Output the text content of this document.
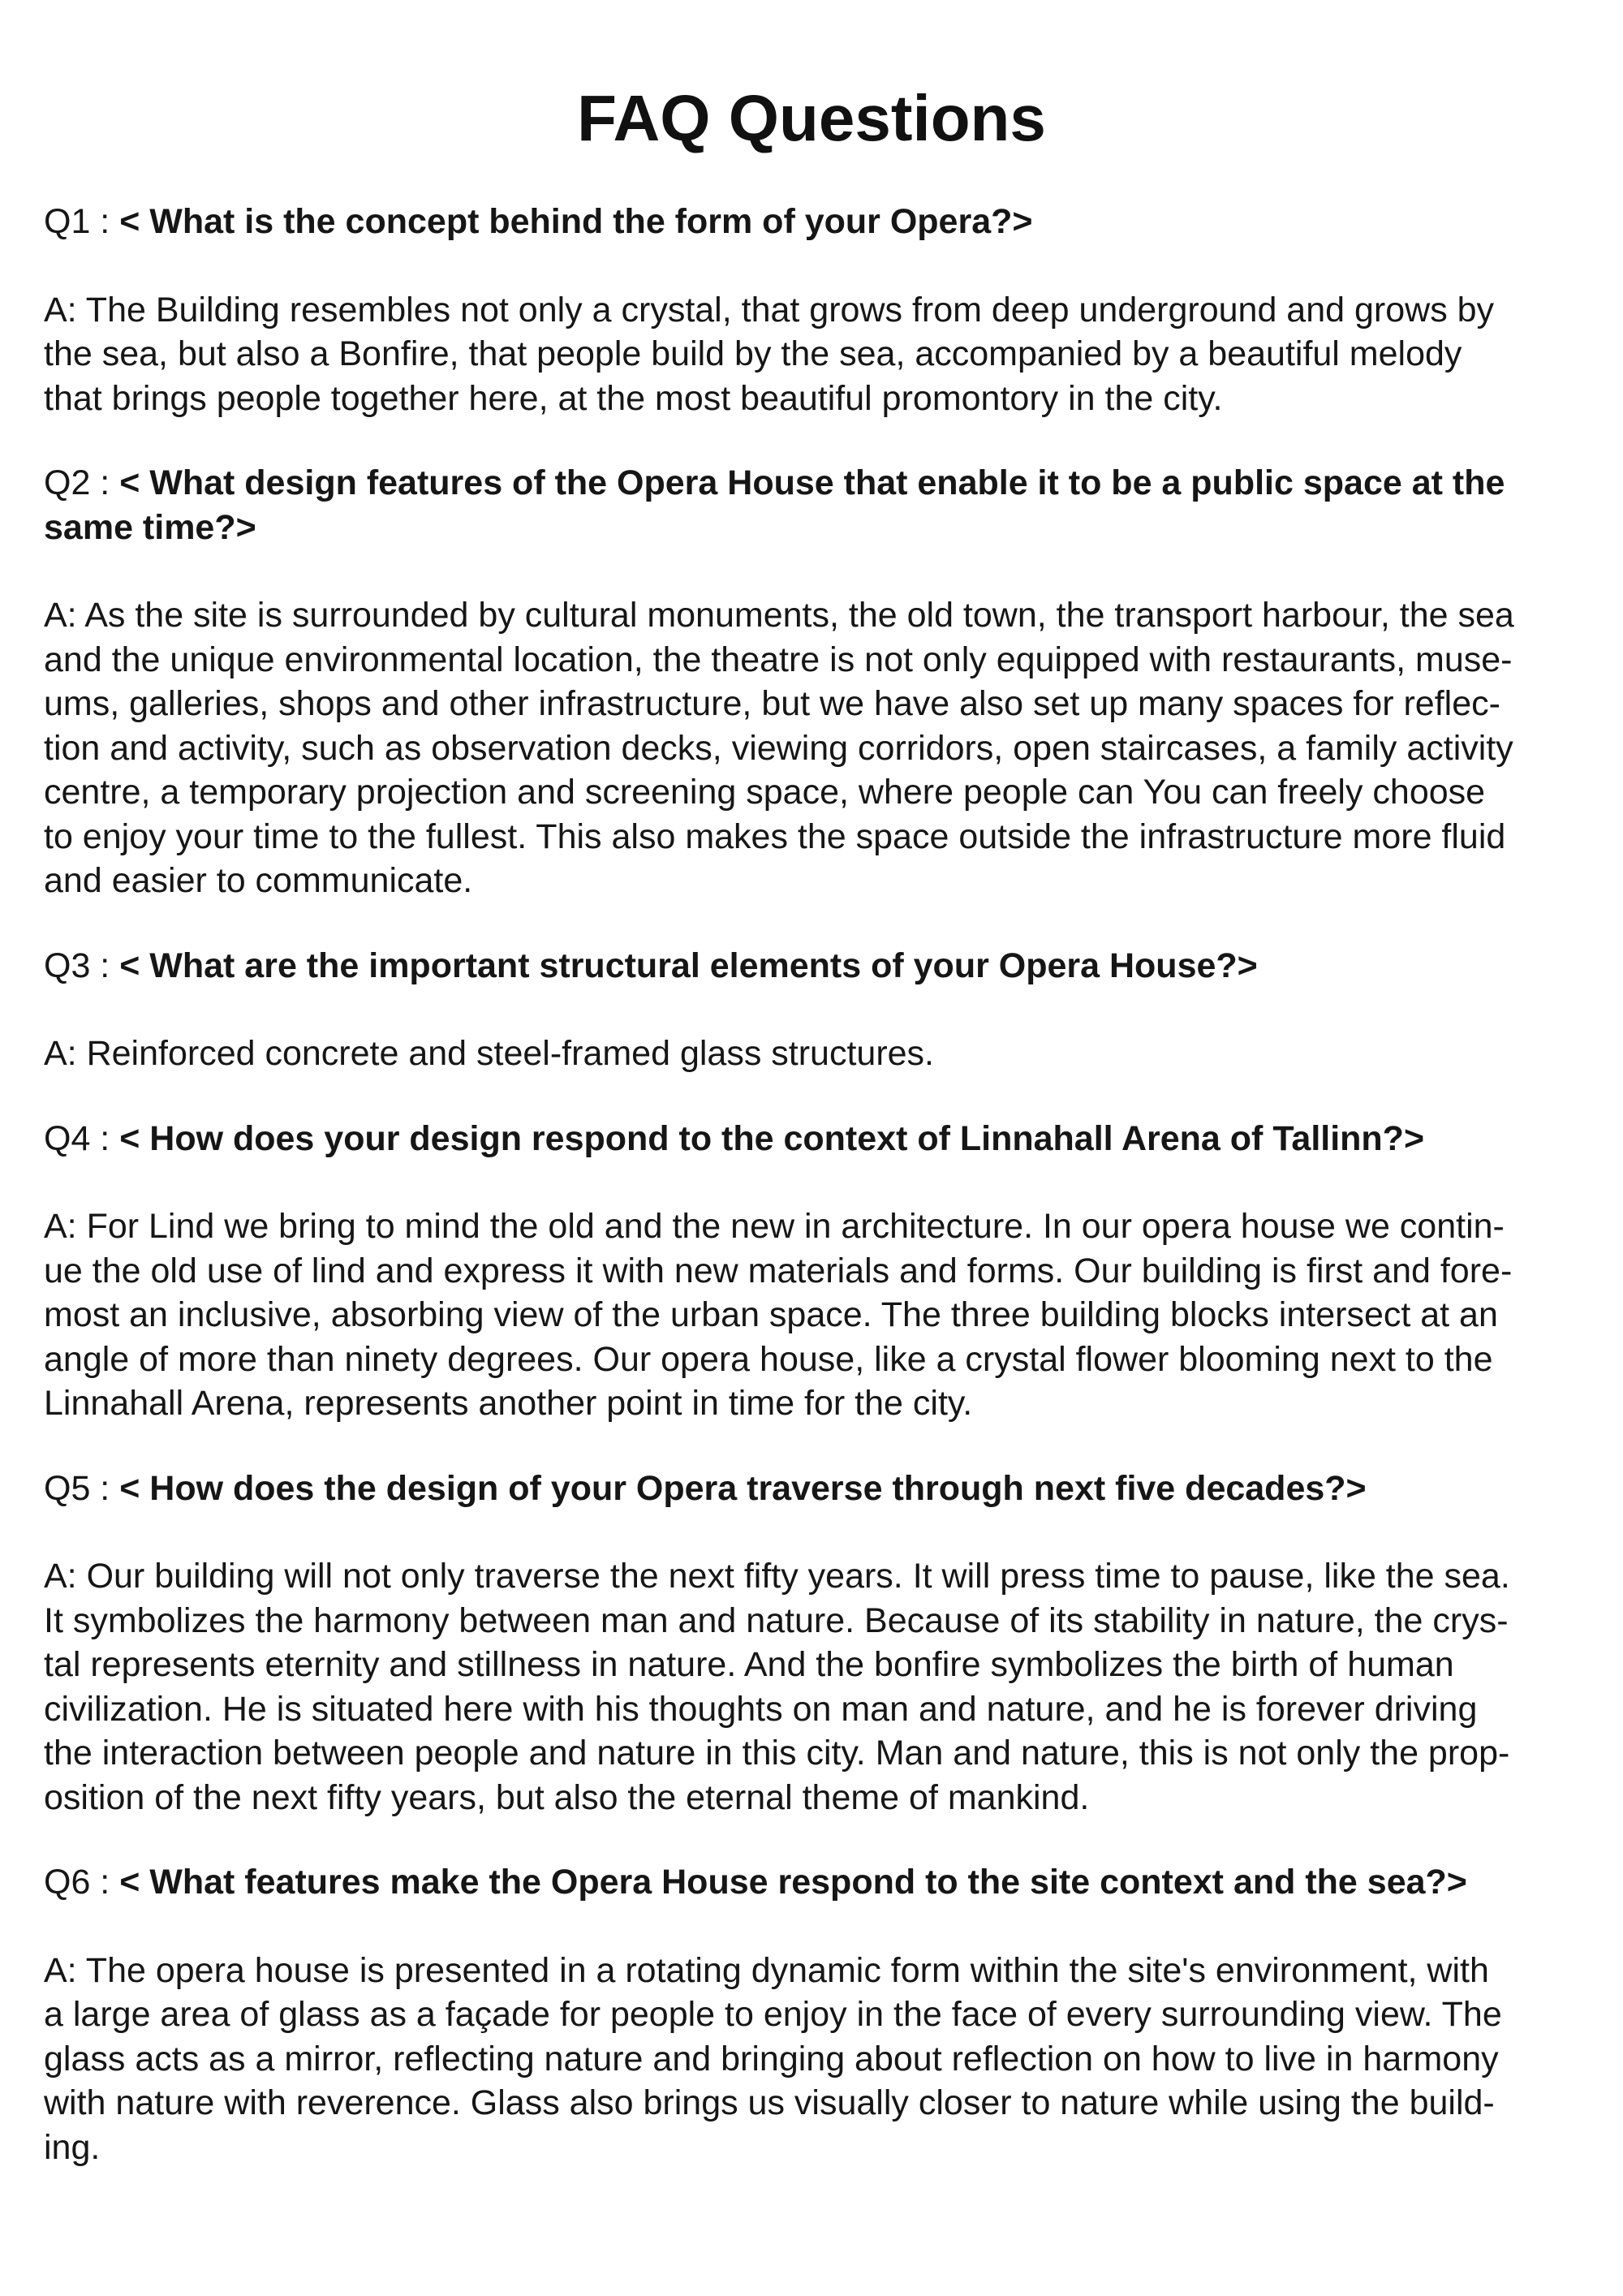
FAQ Questions

Q1 : < What is the concept behind the form of your Opera?>

A: The Building resembles not only a crystal, that grows from deep underground and grows by
the sea, but also a Bonfire, that people build by the sea, accompanied by a beautiful melody
that brings people together here, at the most beautiful promontory in the city.

Q2 : < What design features of the Opera House that enable it to be a public space at the same time?>

A: As the site is surrounded by cultural monuments, the old town, the transport harbour, the sea
and the unique environmental location, the theatre is not only equipped with restaurants, muse-
ums, galleries, shops and other infrastructure, but we have also set up many spaces for reflec-
tion and activity, such as observation decks, viewing corridors, open staircases, a family activity
centre, a temporary projection and screening space, where people can You can freely choose
to enjoy your time to the fullest. This also makes the space outside the infrastructure more fluid
and easier to communicate.

Q3 : < What are the important structural elements of your Opera House?>

A: Reinforced concrete and steel-framed glass structures.

Q4 : < How does your design respond to the context of Linnahall Arena of Tallinn?>

A: For Lind we bring to mind the old and the new in architecture. In our opera house we contin-
ue the old use of lind and express it with new materials and forms. Our building is first and fore-
most an inclusive, absorbing view of the urban space. The three building blocks intersect at an
angle of more than ninety degrees. Our opera house, like a crystal flower blooming next to the
Linnahall Arena, represents another point in time for the city.

Q5 : < How does the design of your Opera traverse through next five decades?>

A: Our building will not only traverse the next fifty years. It will press time to pause, like the sea.
It symbolizes the harmony between man and nature. Because of its stability in nature, the crys-
tal represents eternity and stillness in nature. And the bonfire symbolizes the birth of human
civilization. He is situated here with his thoughts on man and nature, and he is forever driving
the interaction between people and nature in this city. Man and nature, this is not only the prop-
osition of the next fifty years, but also the eternal theme of mankind.

Q6 : < What features make the Opera House respond to the site context and the sea?>

A: The opera house is presented in a rotating dynamic form within the site's environment, with
a large area of glass as a façade for people to enjoy in the face of every surrounding view. The
glass acts as a mirror, reflecting nature and bringing about reflection on how to live in harmony
with nature with reverence. Glass also brings us visually closer to nature while using the build-
ing.
